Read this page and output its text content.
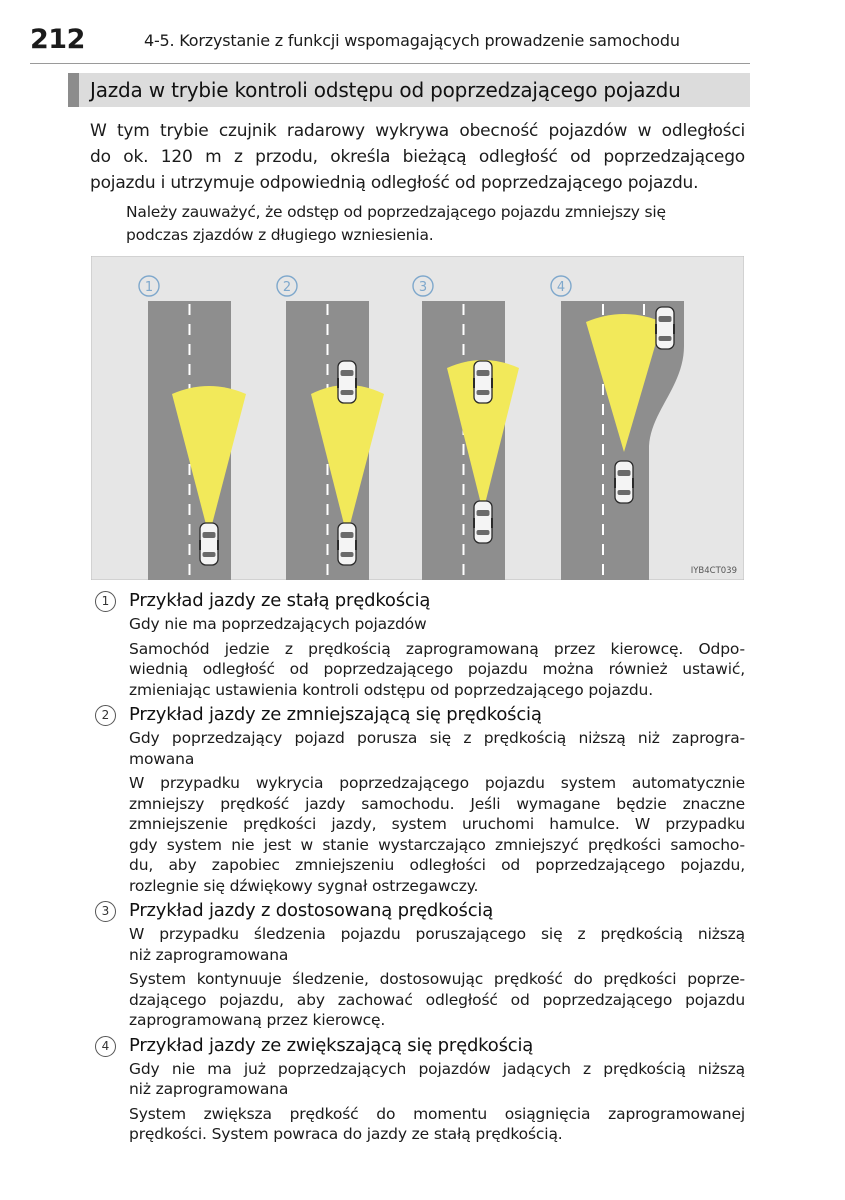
212	4-5. Korzystanie z funkcji wspomagających prowadzenie samochodu
Jazda w trybie kontroli odstępu od poprzedzającego pojazdu
W tym trybie czujnik radarowy wykrywa obecność pojazdów w odległości
do ok. 120 m z przodu, określa bieżącą odległość od poprzedzającego
pojazdu i utrzymuje odpowiednią odległość od poprzedzającego pojazdu.
Należy zauważyć, że odstęp od poprzedzającego pojazdu zmniejszy się
podczas zjazdów z długiego wzniesienia.
1	2	3	4
IYB4CT039
1	Przykład jazdy ze stałą prędkością
Gdy nie ma poprzedzających pojazdów
Samochód jedzie z prędkością zaprogramowaną przez kierowcę. Odpo-
wiednią odległość od poprzedzającego pojazdu można również ustawić,
zmieniając ustawienia kontroli odstępu od poprzedzającego pojazdu.
2	Przykład jazdy ze zmniejszającą się prędkością
Gdy poprzedzający pojazd porusza się z prędkością niższą niż zaprogra-
mowana
W przypadku wykrycia poprzedzającego pojazdu system automatycznie
zmniejszy prędkość jazdy samochodu. Jeśli wymagane będzie znaczne
zmniejszenie prędkości jazdy, system uruchomi hamulce. W przypadku
gdy system nie jest w stanie wystarczająco zmniejszyć prędkości samocho-
du, aby zapobiec zmniejszeniu odległości od poprzedzającego pojazdu,
rozlegnie się dźwiękowy sygnał ostrzegawczy.
3	Przykład jazdy z dostosowaną prędkością
W przypadku śledzenia pojazdu poruszającego się z prędkością niższą
niż zaprogramowana
System kontynuuje śledzenie, dostosowując prędkość do prędkości poprze-
dzającego pojazdu, aby zachować odległość od poprzedzającego pojazdu
zaprogramowaną przez kierowcę.
4	Przykład jazdy ze zwiększającą się prędkością
Gdy nie ma już poprzedzających pojazdów jadących z prędkością niższą
niż zaprogramowana
System zwiększa prędkość do momentu osiągnięcia zaprogramowanej
prędkości. System powraca do jazdy ze stałą prędkością.
